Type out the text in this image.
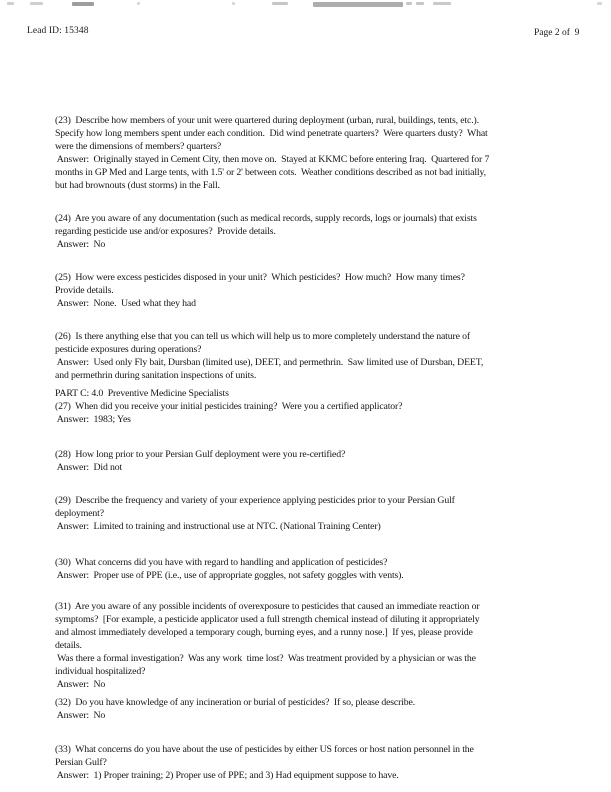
Lead ID: 15348	Page 2 of  9
(23)  Describe how members of your unit were quartered during deployment (urban, rural, buildings, tents, etc.).
Specify how long members spent under each condition.  Did wind penetrate quarters?  Were quarters dusty?  What
were the dimensions of members? quarters?
Answer:  Originally stayed in Cement City, then move on.  Stayed at KKMC before entering Iraq.  Quartered for 7
months in GP Med and Large tents, with 1.5' or 2' between cots.  Weather conditions described as not bad initially,
but had brownouts (dust storms) in the Fall.
(24)  Are you aware of any documentation (such as medical records, supply records, logs or journals) that exists
regarding pesticide use and/or exposures?  Provide details.
Answer:  No
(25)  How were excess pesticides disposed in your unit?  Which pesticides?  How much?  How many times?
Provide details.
Answer:  None.  Used what they had
(26)  Is there anything else that you can tell us which will help us to more completely understand the nature of
pesticide exposures during operations?
Answer:  Used only Fly bait, Dursban (limited use), DEET, and permethrin.  Saw limited use of Dursban, DEET,
and permethrin during sanitation inspections of units.
PART C: 4.0  Preventive Medicine Specialists
(27)  When did you receive your initial pesticides training?  Were you a certified applicator?
Answer:  1983; Yes
(28)  How long prior to your Persian Gulf deployment were you re-certified?
Answer:  Did not
(29)  Describe the frequency and variety of your experience applying pesticides prior to your Persian Gulf
deployment?
Answer:  Limited to training and instructional use at NTC. (National Training Center)
(30)  What concerns did you have with regard to handling and application of pesticides?
Answer:  Proper use of PPE (i.e., use of appropriate goggles, not safety goggles with vents).
(31)  Are you aware of any possible incidents of overexposure to pesticides that caused an immediate reaction or
symptoms?  [For example, a pesticide applicator used a full strength chemical instead of diluting it appropriately
and almost immediately developed a temporary cough, burning eyes, and a runny nose.]  If yes, please provide
details.
Was there a formal investigation?  Was any work  time lost?  Was treatment provided by a physician or was the
individual hospitalized?
Answer:  No
(32)  Do you have knowledge of any incineration or burial of pesticides?  If so, please describe.
Answer:  No
(33)  What concerns do you have about the use of pesticides by either US forces or host nation personnel in the
Persian Gulf?
Answer:  1) Proper training; 2) Proper use of PPE; and 3) Had equipment suppose to have.
